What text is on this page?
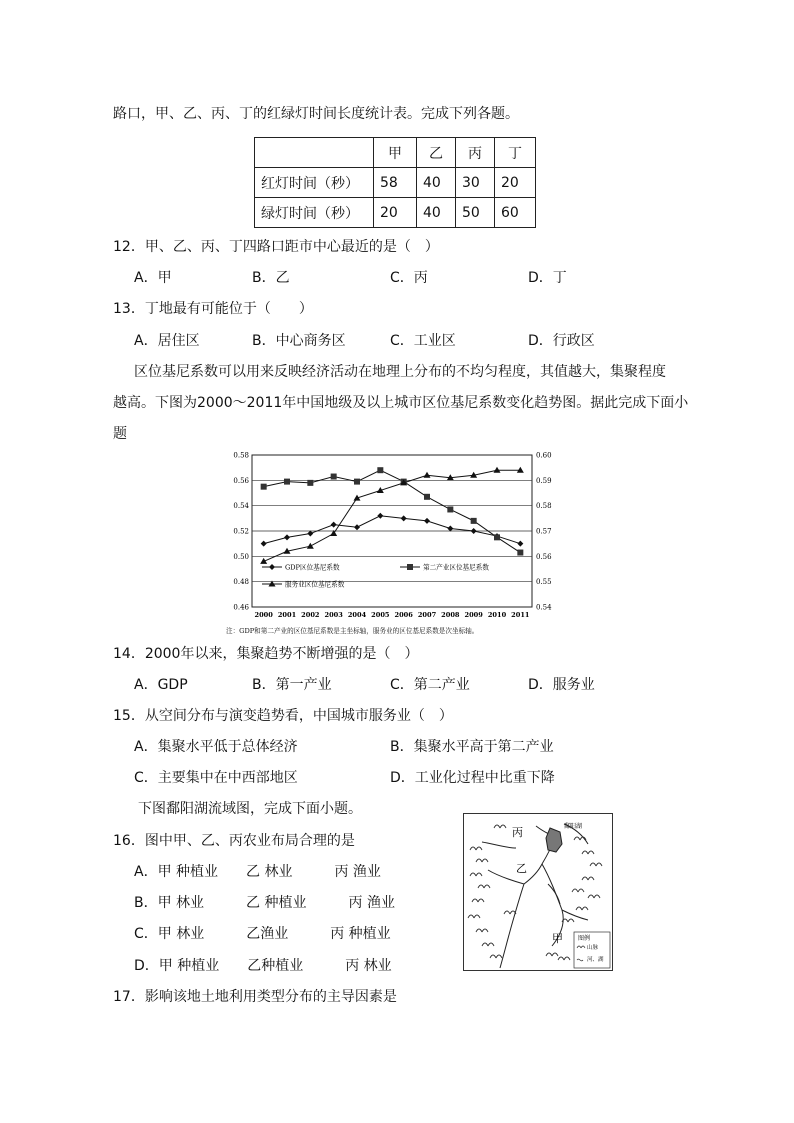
路口，甲、乙、丙、丁的红绿灯时间长度统计表。完成下列各题。
	甲	乙	丙	丁
红灯时间（秒）	58	40	30	20
绿灯时间（秒）	20	40	50	60
12．甲、乙、丙、丁四路口距市中心最近的是（　）
A．甲	B．乙	C．丙	D．丁
13．丁地最有可能位于（　　）
A．居住区	B．中心商务区	C．工业区	D．行政区
区位基尼系数可以用来反映经济活动在地理上分布的不均匀程度，其值越大，集聚程度
越高。下图为2000～2011年中国地级及以上城市区位基尼系数变化趋势图。据此完成下面小
题
0.58
0.56
0.54
0.52
0.50
0.48
0.46
0.60
0.59
0.58
0.57
0.56
0.55
0.54
2000 2001 2002 2003 2004 2005 2006 2007 2008 2009 2010 2011
GDP区位基尼系数	第二产业区位基尼系数
服务业区位基尼系数
注：GDP和第二产业的区位基尼系数是主坐标轴，服务业的区位基尼系数是次坐标轴。
14．2000年以来，集聚趋势不断增强的是（　）
A．GDP	B．第一产业	C．第二产业	D．服务业
15．从空间分布与演变趋势看，中国城市服务业（　）
A．集聚水平低于总体经济	B．集聚水平高于第二产业
C．主要集中在中西部地区	D．工业化过程中比重下降
下图鄱阳湖流域图，完成下面小题。
16．图中甲、乙、丙农业布局合理的是
A．甲 种植业　　乙 林业　　　丙 渔业
B．甲 林业　　　乙 种植业　　　丙 渔业
C．甲 林业　　　乙渔业　　　丙 种植业
D．甲 种植业　　乙种植业　　　丙 林业
丙
乙
甲
鄱阳湖
图例
山脉
河、湖
17．影响该地土地利用类型分布的主导因素是
